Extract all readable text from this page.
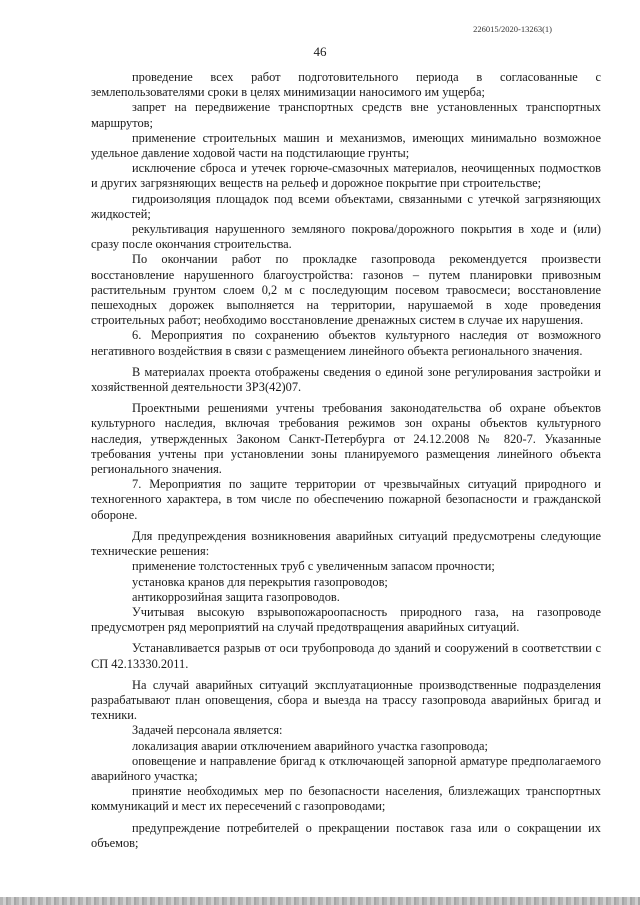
226015/2020-13263(1)
46

проведение всех работ подготовительного периода в согласованные с землепользователями сроки в целях минимизации наносимого им ущерба;

запрет на передвижение транспортных средств вне установленных транспортных маршрутов;

применение строительных машин и механизмов, имеющих минимально возможное удельное давление ходовой части на подстилающие грунты;

исключение сброса и утечек горюче-смазочных материалов, неочищенных подмостков и других загрязняющих веществ на рельеф и дорожное покрытие при строительстве;

гидроизоляция площадок под всеми объектами, связанными с утечкой загрязняющих жидкостей;

рекультивация нарушенного земляного покрова/дорожного покрытия в ходе и (или) сразу после окончания строительства.

По окончании работ по прокладке газопровода рекомендуется произвести восстановление нарушенного благоустройства: газонов – путем планировки привозным растительным грунтом слоем 0,2 м с последующим посевом травосмеси; восстановление пешеходных дорожек выполняется на территории, нарушаемой в ходе проведения строительных работ; необходимо восстановление дренажных систем в случае их нарушения.

6. Мероприятия по сохранению объектов культурного наследия от возможного негативного воздействия в связи с размещением линейного объекта регионального значения.

В материалах проекта отображены сведения о единой зоне регулирования застройки и хозяйственной деятельности ЗРЗ(42)07.

Проектными решениями учтены требования законодательства об охране объектов культурного наследия, включая требования режимов зон охраны объектов культурного наследия, утвержденных Законом Санкт-Петербурга от 24.12.2008 № 820-7. Указанные требования учтены при установлении зоны планируемого размещения линейного объекта регионального значения.

7. Мероприятия по защите территории от чрезвычайных ситуаций природного и техногенного характера, в том числе по обеспечению пожарной безопасности и гражданской обороне.

Для предупреждения возникновения аварийных ситуаций предусмотрены следующие технические решения:

применение толстостенных труб с увеличенным запасом прочности;

установка кранов для перекрытия газопроводов;

антикоррозийная защита газопроводов.

Учитывая высокую взрывопожароопасность природного газа, на газопроводе предусмотрен ряд мероприятий на случай предотвращения аварийных ситуаций.

Устанавливается разрыв от оси трубопровода до зданий и сооружений в соответствии с СП 42.13330.2011.

На случай аварийных ситуаций эксплуатационные производственные подразделения разрабатывают план оповещения, сбора и выезда на трассу газопровода аварийных бригад и техники.

Задачей персонала является:

локализация аварии отключением аварийного участка газопровода;

оповещение и направление бригад к отключающей запорной арматуре предполагаемого аварийного участка;

принятие необходимых мер по безопасности населения, близлежащих транспортных коммуникаций и мест их пересечений с газопроводами;

предупреждение потребителей о прекращении поставок газа или о сокращении их объемов;
